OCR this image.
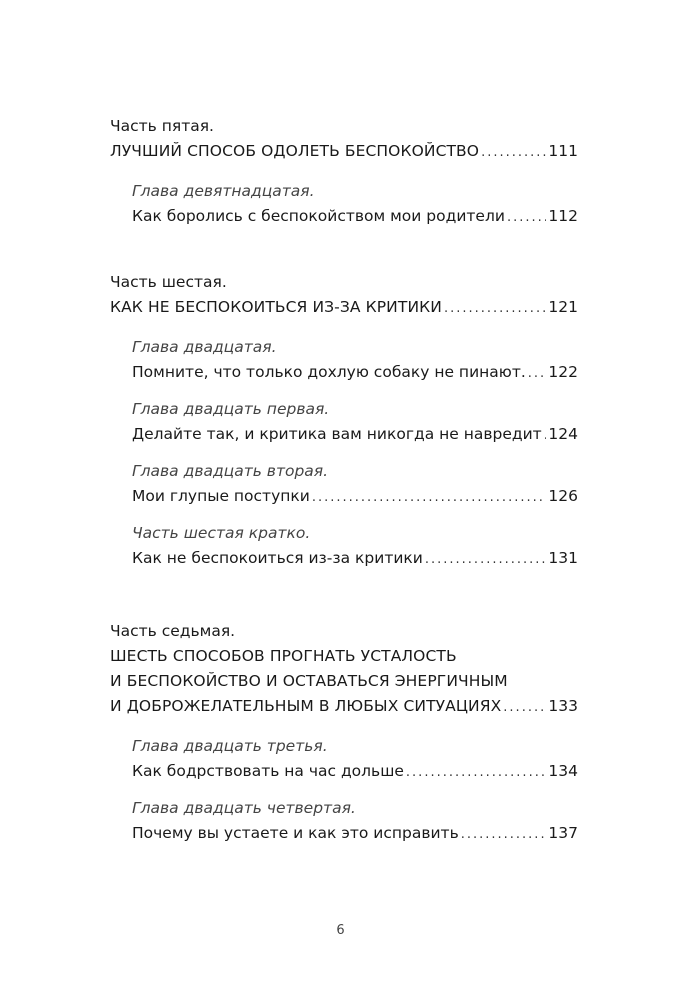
Часть пятая.
ЛУЧШИЙ СПОСОБ ОДОЛЕТЬ БЕСПОКОЙСТВО .....	111
Глава девятнадцатая.
Как боролись с беспокойством мои родители .....	112
Часть шестая.
КАК НЕ БЕСПОКОИТЬСЯ ИЗ-ЗА КРИТИКИ .....	121
Глава двадцатая.
Помните, что только дохлую собаку не пинают. ..... 122
Глава двадцать первая.
Делайте так, и критика вам никогда не навредит ..... 124
Глава двадцать вторая.
Мои глупые поступки .....	126
Часть шестая кратко.
Как не беспокоиться из-за критики .....	131
Часть седьмая.
ШЕСТЬ СПОСОБОВ ПРОГНАТЬ УСТАЛОСТЬ
И БЕСПОКОЙСТВО И ОСТАВАТЬСЯ ЭНЕРГИЧНЫМ
И ДОБРОЖЕЛАТЕЛЬНЫМ В ЛЮБЫХ СИТУАЦИЯХ .....	133
Глава двадцать третья.
Как бодрствовать на час дольше .....	134
Глава двадцать четвертая.
Почему вы устаете и как это исправить .....	137
6
